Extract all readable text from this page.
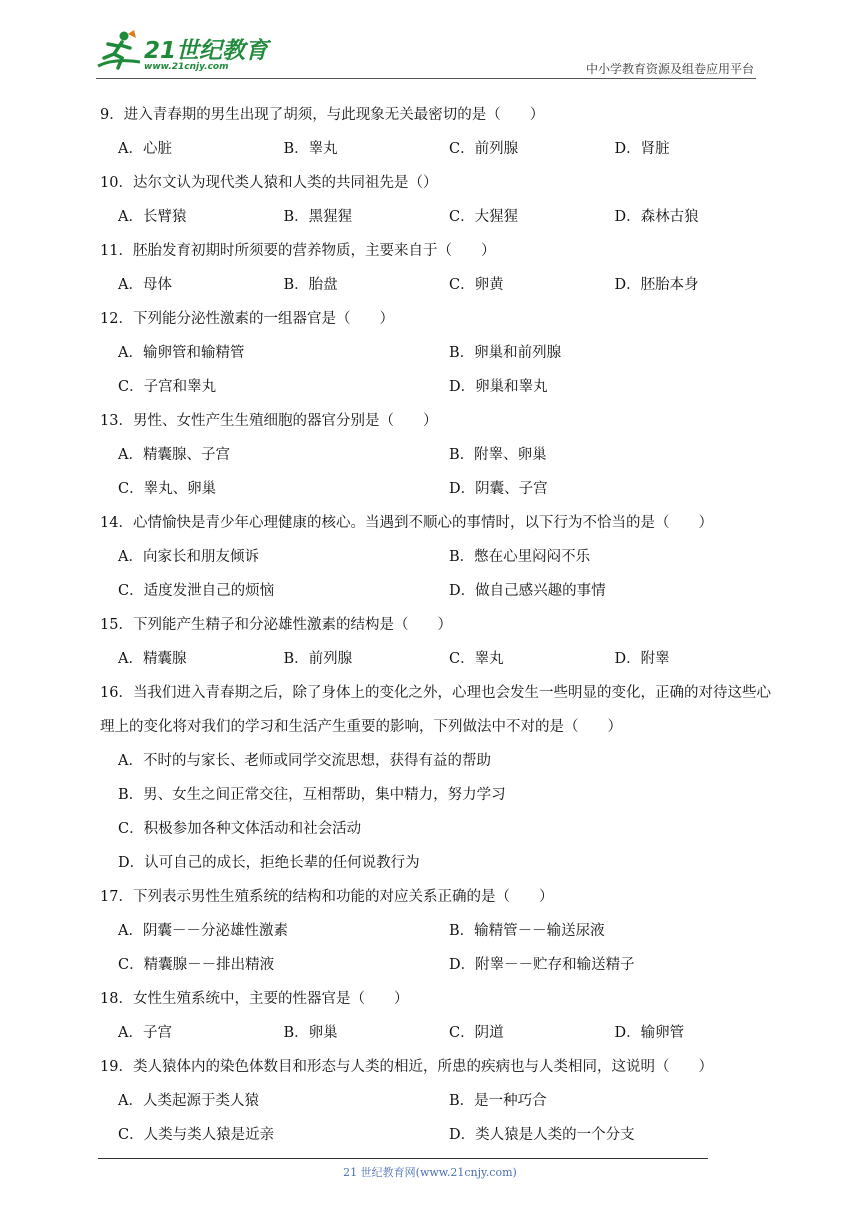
21世纪教育
www.21cnjy.com	中小学教育资源及组卷应用平台
9．进入青春期的男生出现了胡须，与此现象无关最密切的是（　　）
A．心脏	B．睾丸	C．前列腺	D．肾脏
10．达尔文认为现代类人猿和人类的共同祖先是（）
A．长臂猿	B．黑猩猩	C．大猩猩	D．森林古狼
11．胚胎发育初期时所须要的营养物质，主要来自于（　　）
A．母体	B．胎盘	C．卵黄	D．胚胎本身
12．下列能分泌性激素的一组器官是（　　）
A．输卵管和输精管	B．卵巢和前列腺
C．子宫和睾丸	D．卵巢和睾丸
13．男性、女性产生生殖细胞的器官分别是（　　）
A．精囊腺、子宫	B．附睾、卵巢
C．睾丸、卵巢	D．阴囊、子宫
14．心情愉快是青少年心理健康的核心。当遇到不顺心的事情时，以下行为不恰当的是（　　）
A．向家长和朋友倾诉	B．憋在心里闷闷不乐
C．适度发泄自己的烦恼	D．做自己感兴趣的事情
15．下列能产生精子和分泌雄性激素的结构是（　　）
A．精囊腺	B．前列腺	C．睾丸	D．附睾
16．当我们进入青春期之后，除了身体上的变化之外，心理也会发生一些明显的变化，正确的对待这些心理上的变化将对我们的学习和生活产生重要的影响，下列做法中不对的是（　　）
A．不时的与家长、老师或同学交流思想，获得有益的帮助
B．男、女生之间正常交往，互相帮助，集中精力，努力学习
C．积极参加各种文体活动和社会活动
D．认可自己的成长，拒绝长辈的任何说教行为
17．下列表示男性生殖系统的结构和功能的对应关系正确的是（　　）
A．阴囊－－分泌雄性激素	B．输精管－－输送尿液
C．精囊腺－－排出精液	D．附睾－－贮存和输送精子
18．女性生殖系统中，主要的性器官是（　　）
A．子宫	B．卵巢	C．阴道	D．输卵管
19．类人猿体内的染色体数目和形态与人类的相近，所患的疾病也与人类相同，这说明（　　）
A．人类起源于类人猿	B．是一种巧合
C．人类与类人猿是近亲	D．类人猿是人类的一个分支
21 世纪教育网(www.21cnjy.com)
